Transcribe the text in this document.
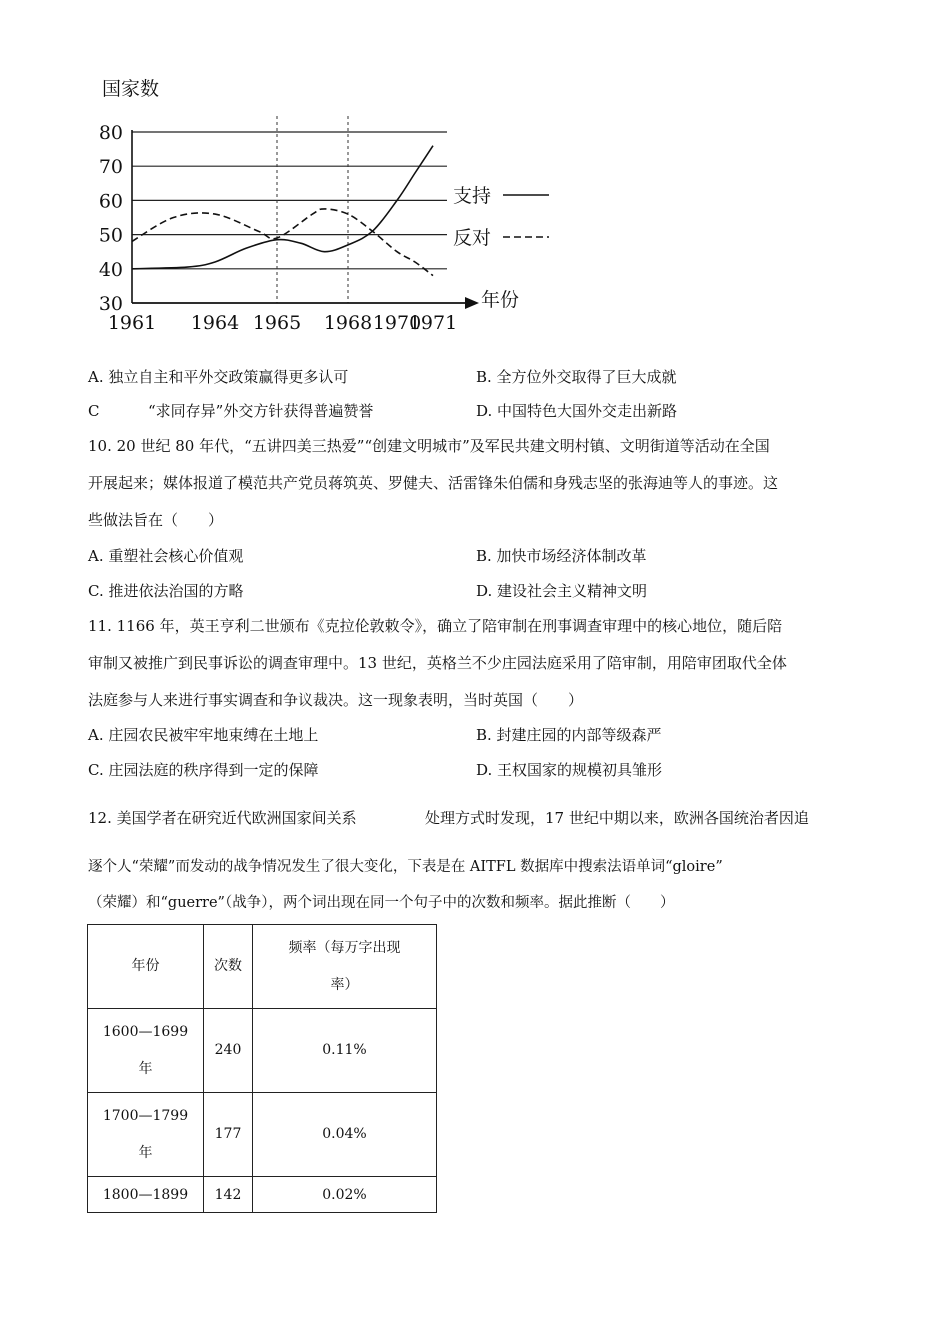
30
40
50
60
70
80
国家数
年份
1961 1964 1965 1968 1970
1971
支持
反对
A. 独立自主和平外交政策赢得更多认可	B. 全方位外交取得了巨大成就
C	“求同存异”外交方针获得普遍赞誉	D. 中国特色大国外交走出新路
10. 20 世纪 80 年代，“五讲四美三热爱”“创建文明城市”及军民共建文明村镇、文明街道等活动在全国
开展起来；媒体报道了模范共产党员蒋筑英、罗健夫、活雷锋朱伯儒和身残志坚的张海迪等人的事迹。这
些做法旨在（　　）
A. 重塑社会核心价值观	B. 加快市场经济体制改革
C. 推进依法治国的方略	D. 建设社会主义精神文明
11. 1166 年，英王亨利二世颁布《克拉伦敦敕令》，确立了陪审制在刑事调查审理中的核心地位，随后陪
审制又被推广到民事诉讼的调查审理中。13 世纪，英格兰不少庄园法庭采用了陪审制，用陪审团取代全体
法庭参与人来进行事实调查和争议裁决。这一现象表明，当时英国（　　）
A. 庄园农民被牢牢地束缚在土地上	B. 封建庄园的内部等级森严
C. 庄园法庭的秩序得到一定的保障	D. 王权国家的规模初具雏形
12. 美国学者在研究近代欧洲国家间关系	处理方式时发现，17 世纪中期以来，欧洲各国统治者因追
逐个人“荣耀”而发动的战争情况发生了很大变化，下表是在 AITFL 数据库中搜索法语单词“gloire”
（荣耀）和“guerre”（战争），两个词出现在同一个句子中的次数和频率。据此推断（　　）
年份	次数	频率（每万字出现率）

1600—1699 年	240	0.11%

1700—1799 年	177	0.04%
1800—1899	142	0.02%
